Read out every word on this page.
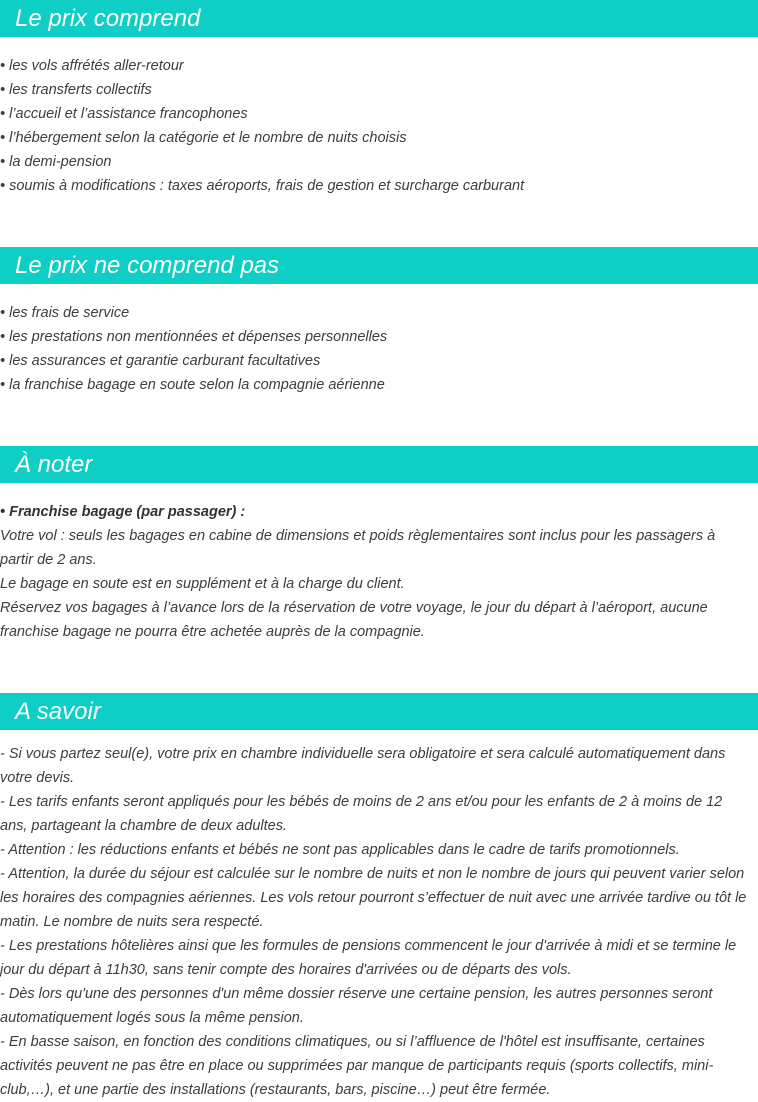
Le prix comprend
• les vols affrétés aller-retour
• les transferts collectifs
• l’accueil et l’assistance francophones
• l’hébergement selon la catégorie et le nombre de nuits choisis
• la demi-pension
• soumis à modifications : taxes aéroports, frais de gestion et surcharge carburant
Le prix ne comprend pas
• les frais de service
• les prestations non mentionnées et dépenses personnelles
• les assurances et garantie carburant facultatives
• la franchise bagage en soute selon la compagnie aérienne
À noter
• Franchise bagage (par passager) :
Votre vol : seuls les bagages en cabine de dimensions et poids règlementaires sont inclus pour les passagers à partir de 2 ans.
Le bagage en soute est en supplément et à la charge du client.
Réservez vos bagages à l’avance lors de la réservation de votre voyage, le jour du départ à l’aéroport, aucune franchise bagage ne pourra être achetée auprès de la compagnie.
A savoir
- Si vous partez seul(e), votre prix en chambre individuelle sera obligatoire et sera calculé automatiquement dans votre devis.
- Les tarifs enfants seront appliqués pour les bébés de moins de 2 ans et/ou pour les enfants de 2 à moins de 12 ans, partageant la chambre de deux adultes.
- Attention : les réductions enfants et bébés ne sont pas applicables dans le cadre de tarifs promotionnels.
- Attention, la durée du séjour est calculée sur le nombre de nuits et non le nombre de jours qui peuvent varier selon les horaires des compagnies aériennes. Les vols retour pourront s’effectuer de nuit avec une arrivée tardive ou tôt le matin. Le nombre de nuits sera respecté.
- Les prestations hôtelières ainsi que les formules de pensions commencent le jour d'arrivée à midi et se termine le jour du départ à 11h30, sans tenir compte des horaires d'arrivées ou de départs des vols.
- Dès lors qu'une des personnes d'un même dossier réserve une certaine pension, les autres personnes seront automatiquement logés sous la même pension.
- En basse saison, en fonction des conditions climatiques, ou si l’affluence de l'hôtel est insuffisante, certaines activités peuvent ne pas être en place ou supprimées par manque de participants requis (sports collectifs, mini-club,…), et une partie des installations (restaurants, bars, piscine…) peut être fermée.
